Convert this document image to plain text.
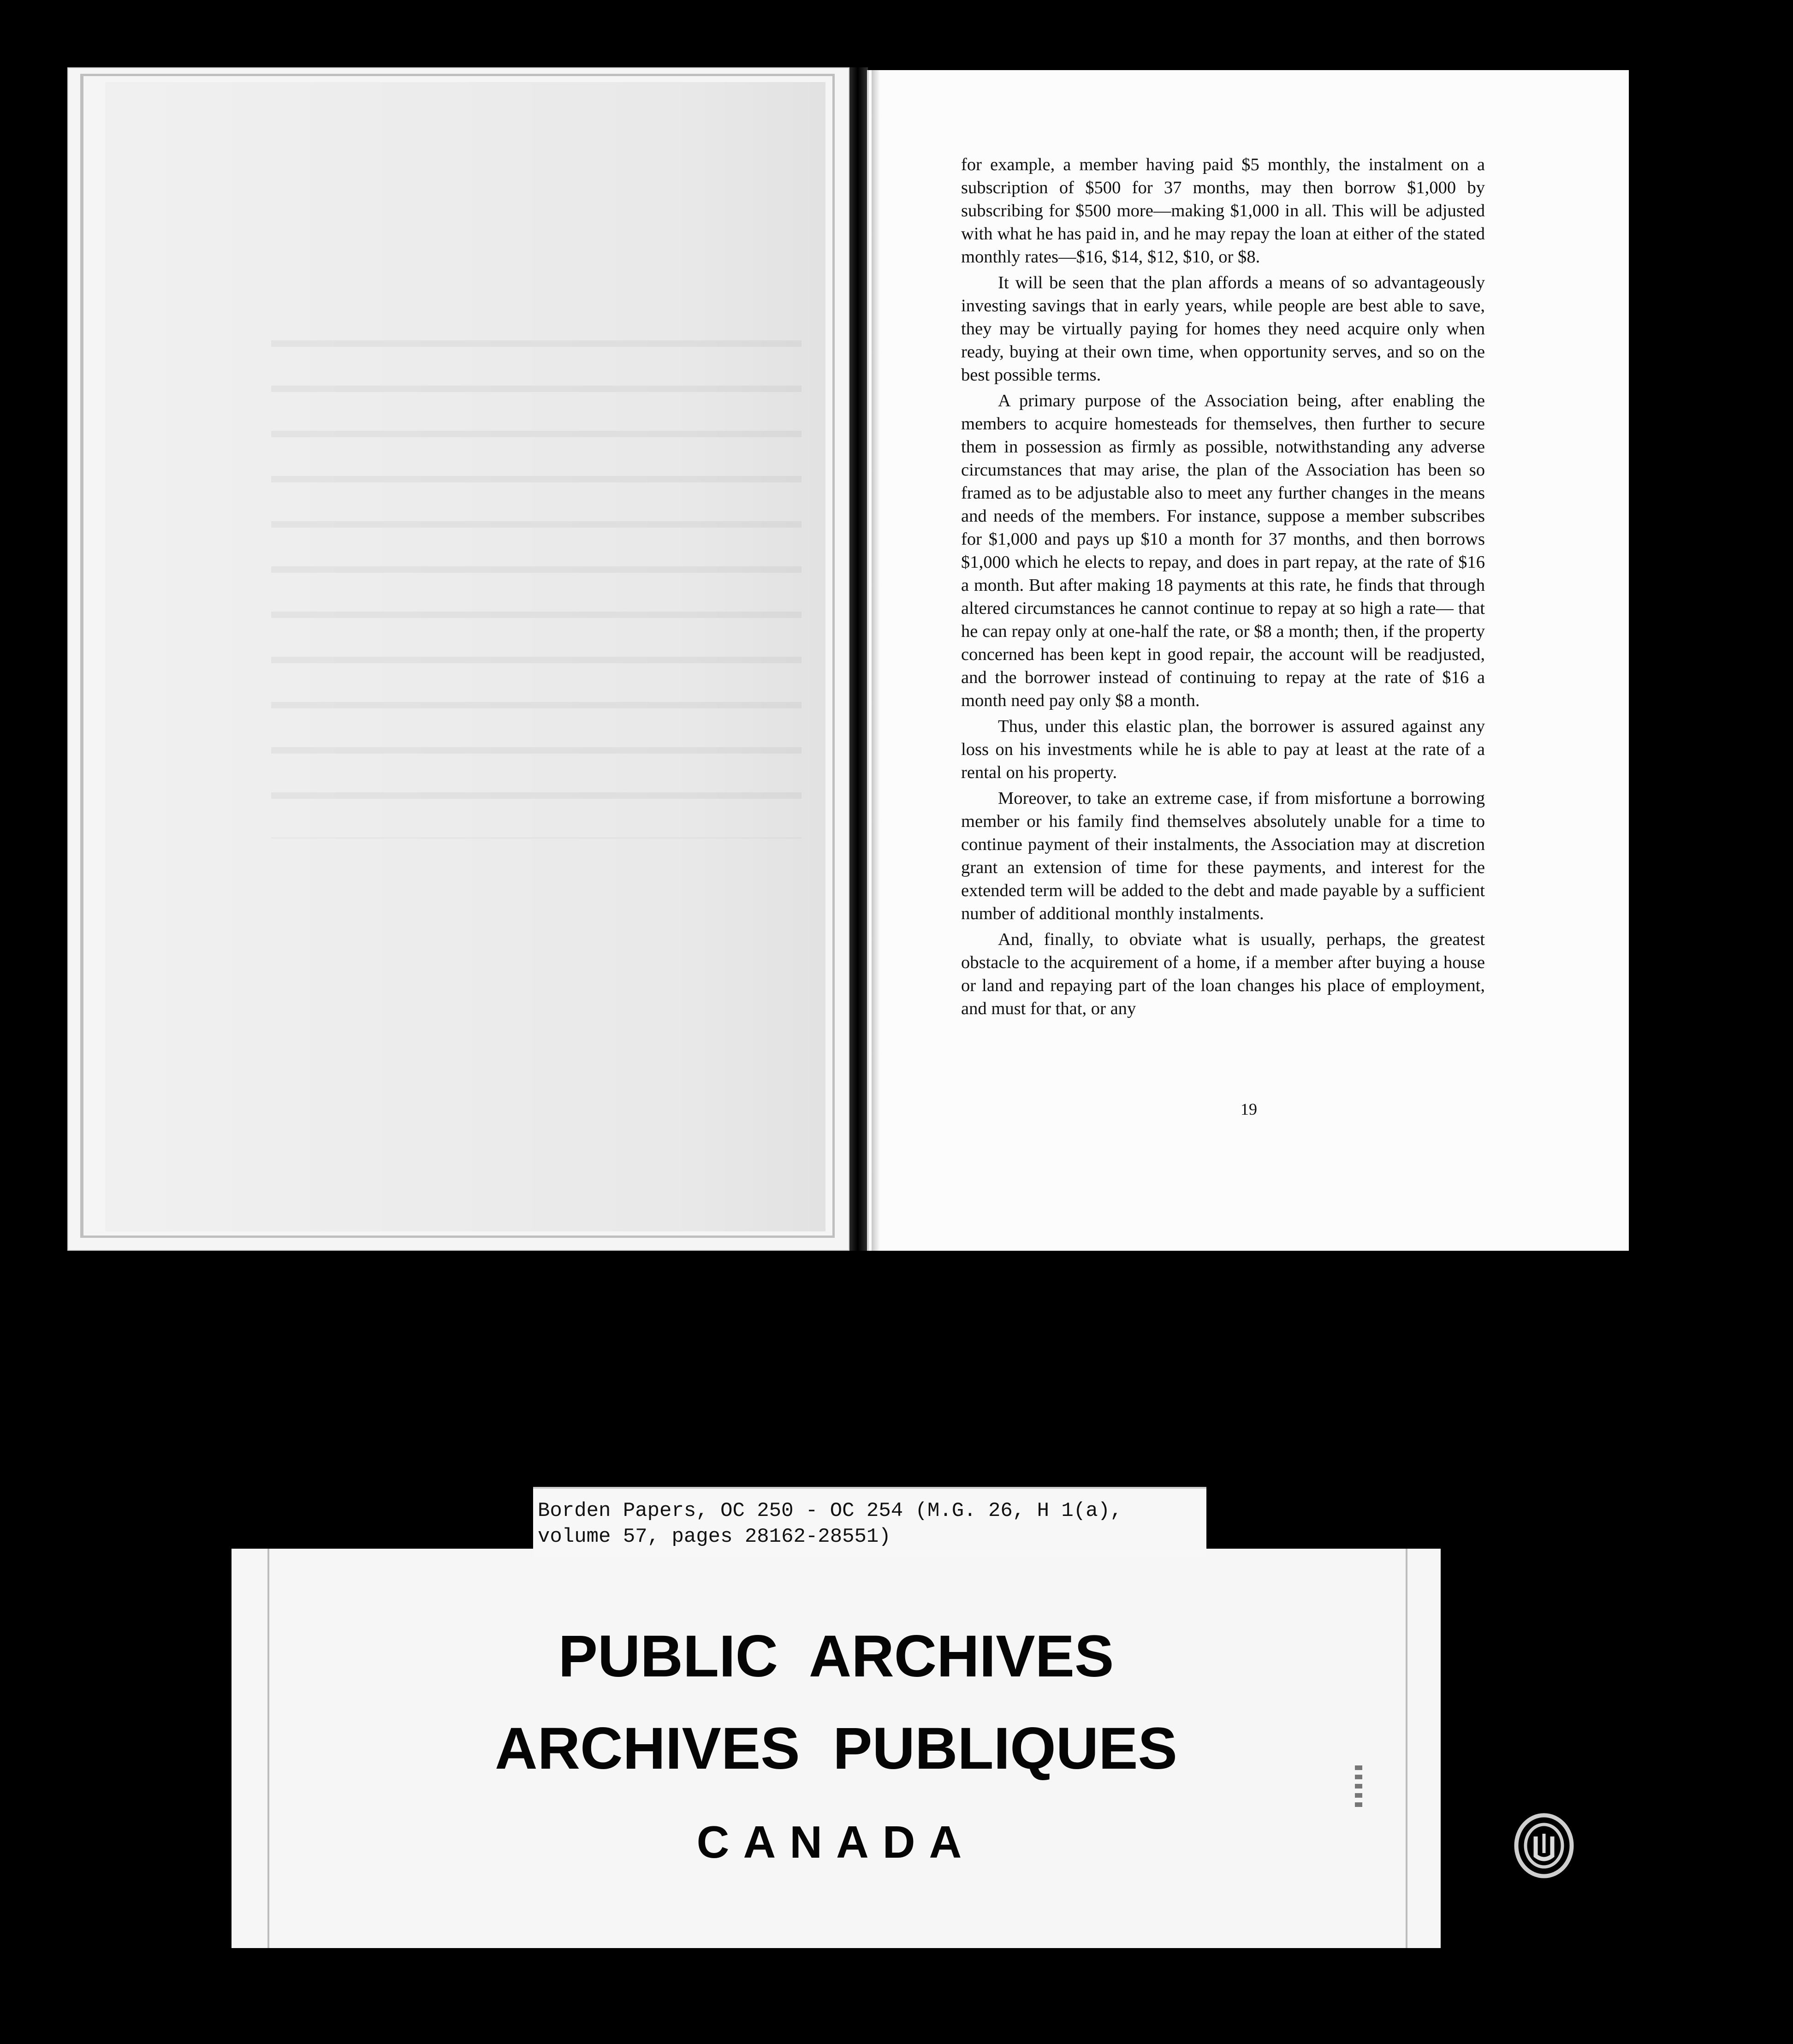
for example, a member having paid $5 monthly, the instalment on a subscription of $500 for 37 months, may then borrow $1,000 by subscribing for $500 more—making $1,000 in all. This will be adjusted with what he has paid in, and he may repay the loan at either of the stated monthly rates—$16, $14, $12, $10, or $8.

It will be seen that the plan affords a means of so advantageously investing savings that in early years, while people are best able to save, they may be virtually paying for homes they need acquire only when ready, buying at their own time, when opportunity serves, and so on the best possible terms.

A primary purpose of the Association being, after enabling the members to acquire homesteads for themselves, then further to secure them in possession as firmly as possible, notwithstanding any adverse circumstances that may arise, the plan of the Association has been so framed as to be adjustable also to meet any further changes in the means and needs of the members. For instance, suppose a member subscribes for $1,000 and pays up $10 a month for 37 months, and then borrows $1,000 which he elects to repay, and does in part repay, at the rate of $16 a month. But after making 18 payments at this rate, he finds that through altered circumstances he cannot continue to repay at so high a rate— that he can repay only at one-half the rate, or $8 a month; then, if the property concerned has been kept in good repair, the account will be readjusted, and the borrower instead of continuing to repay at the rate of $16 a month need pay only $8 a month.

Thus, under this elastic plan, the borrower is assured against any loss on his investments while he is able to pay at least at the rate of a rental on his property.

Moreover, to take an extreme case, if from misfortune a borrowing member or his family find themselves absolutely unable for a time to continue payment of their instalments, the Association may at discretion grant an extension of time for these payments, and interest for the extended term will be added to the debt and made payable by a sufficient number of additional monthly instalments.

And, finally, to obviate what is usually, perhaps, the greatest obstacle to the acquirement of a home, if a member after buying a house or land and repaying part of the loan changes his place of employment, and must for that, or any

19
PUBLIC ARCHIVES
ARCHIVES PUBLIQUES
CANADA
Borden Papers, OC 250 - OC 254 (M.G. 26, H 1(a),
volume 57, pages 28162-28551)
